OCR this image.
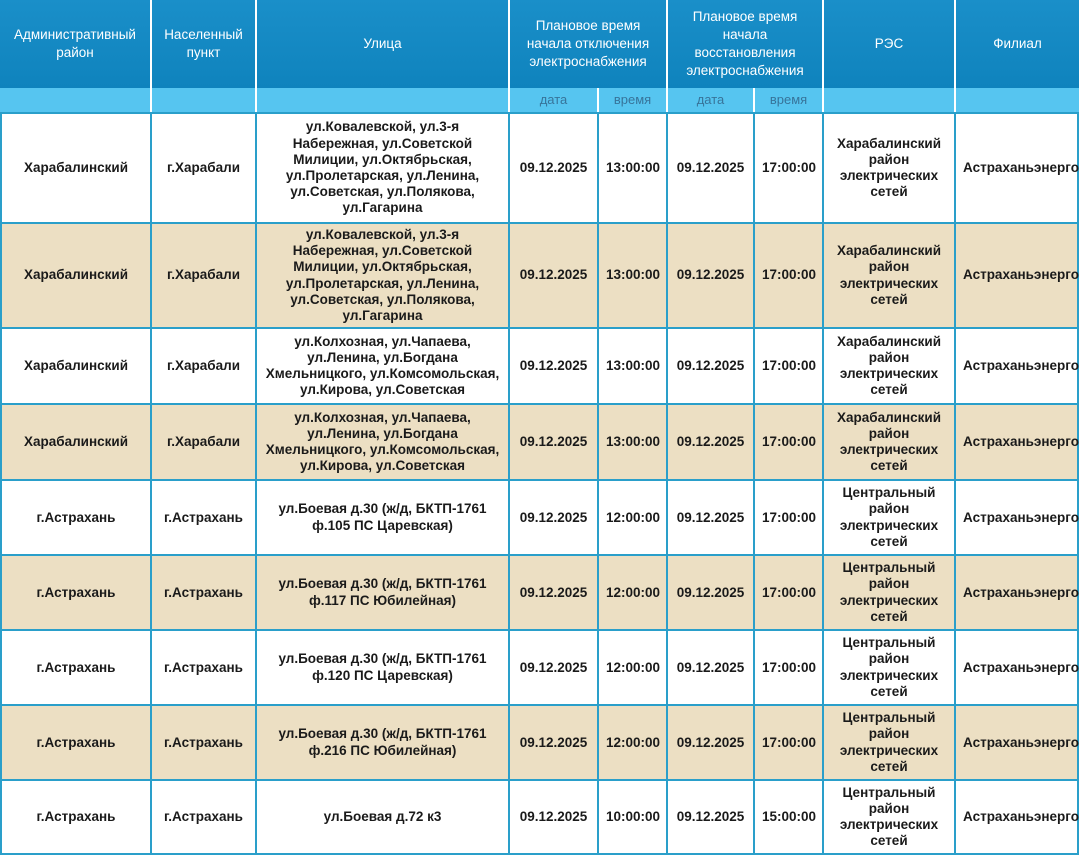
Административный район	Населенный пункт	Улица	Плановое время начала отключения электроснабжения		Плановое время начала восстановления электроснабжения		РЭС	Филиал
			дата	время	дата	время		
Харабалинский	г.Харабали	ул.Ковалевской, ул.3-я Набережная, ул.Советской Милиции, ул.Октябрьская, ул.Пролетарская, ул.Ленина, ул.Советская, ул.Полякова, ул.Гагарина	09.12.2025	13:00:00	09.12.2025	17:00:00	Харабалинский район электрических сетей	Астраханьэнерго
Харабалинский	г.Харабали	ул.Ковалевской, ул.3-я Набережная, ул.Советской Милиции, ул.Октябрьская, ул.Пролетарская, ул.Ленина, ул.Советская, ул.Полякова, ул.Гагарина	09.12.2025	13:00:00	09.12.2025	17:00:00	Харабалинский район электрических сетей	Астраханьэнерго
Харабалинский	г.Харабали	ул.Колхозная, ул.Чапаева, ул.Ленина, ул.Богдана Хмельницкого, ул.Комсомольская, ул.Кирова, ул.Советская	09.12.2025	13:00:00	09.12.2025	17:00:00	Харабалинский район электрических сетей	Астраханьэнерго
Харабалинский	г.Харабали	ул.Колхозная, ул.Чапаева, ул.Ленина, ул.Богдана Хмельницкого, ул.Комсомольская, ул.Кирова, ул.Советская	09.12.2025	13:00:00	09.12.2025	17:00:00	Харабалинский район электрических сетей	Астраханьэнерго
г.Астрахань	г.Астрахань	ул.Боевая д.30 (ж/д, БКТП-1761 ф.105 ПС Царевская)	09.12.2025	12:00:00	09.12.2025	17:00:00	Центральный район электрических сетей	Астраханьэнерго
г.Астрахань	г.Астрахань	ул.Боевая д.30 (ж/д, БКТП-1761 ф.117 ПС Юбилейная)	09.12.2025	12:00:00	09.12.2025	17:00:00	Центральный район электрических сетей	Астраханьэнерго
г.Астрахань	г.Астрахань	ул.Боевая д.30 (ж/д, БКТП-1761 ф.120 ПС Царевская)	09.12.2025	12:00:00	09.12.2025	17:00:00	Центральный район электрических сетей	Астраханьэнерго
г.Астрахань	г.Астрахань	ул.Боевая д.30 (ж/д, БКТП-1761 ф.216 ПС Юбилейная)	09.12.2025	12:00:00	09.12.2025	17:00:00	Центральный район электрических сетей	Астраханьэнерго
г.Астрахань	г.Астрахань	ул.Боевая д.72 к3	09.12.2025	10:00:00	09.12.2025	15:00:00	Центральный район электрических сетей	Астраханьэнерго
